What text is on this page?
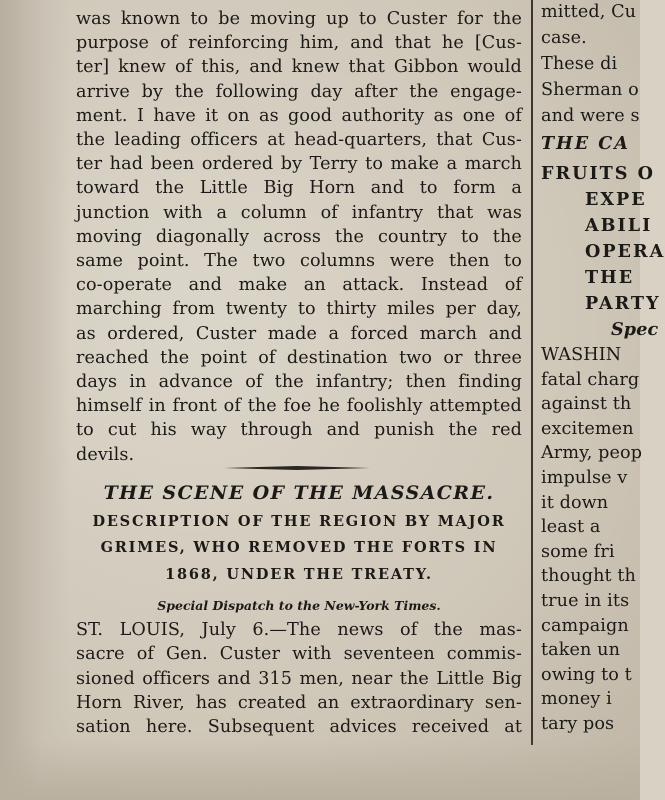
was known to be moving up to Custer for the
purpose of reinforcing him, and that he [Cus-
ter] knew of this, and knew that Gibbon would
arrive by the following day after the engage-
ment. I have it on as good authority as one of
the leading officers at head-quarters, that Cus-
ter had been ordered by Terry to make a march
toward the Little Big Horn and to form a
junction with a column of infantry that was
moving diagonally across the country to the
same point. The two columns were then to
co-operate and make an attack. Instead of
marching from twenty to thirty miles per day,
as ordered, Custer made a forced march and
reached the point of destination two or three
days in advance of the infantry; then finding
himself in front of the foe he foolishly attempted
to cut his way through and punish the red
devils.
THE SCENE OF THE MASSACRE.
DESCRIPTION OF THE REGION BY MAJOR
GRIMES, WHO REMOVED THE FORTS IN
1868, UNDER THE TREATY.
Special Dispatch to the New-York Times.
ST. LOUIS, July 6.—The news of the mas-
sacre of Gen. Custer with seventeen commis-
sioned officers and 315 men, near the Little Big
Horn River, has created an extraordinary sen-
sation here. Subsequent advices received at
mitted, Cu
case.
These di
Sherman o
and were s
THE CA
FRUITS O
EXPE
ABILI
OPERA
THE
PARTY
Spec
WASHIN
fatal charg
against th
excitemen
Army, peop
impulse v
it down
least a
some fri
thought th
true in its
campaign
taken un
owing to t
money i
tary pos
